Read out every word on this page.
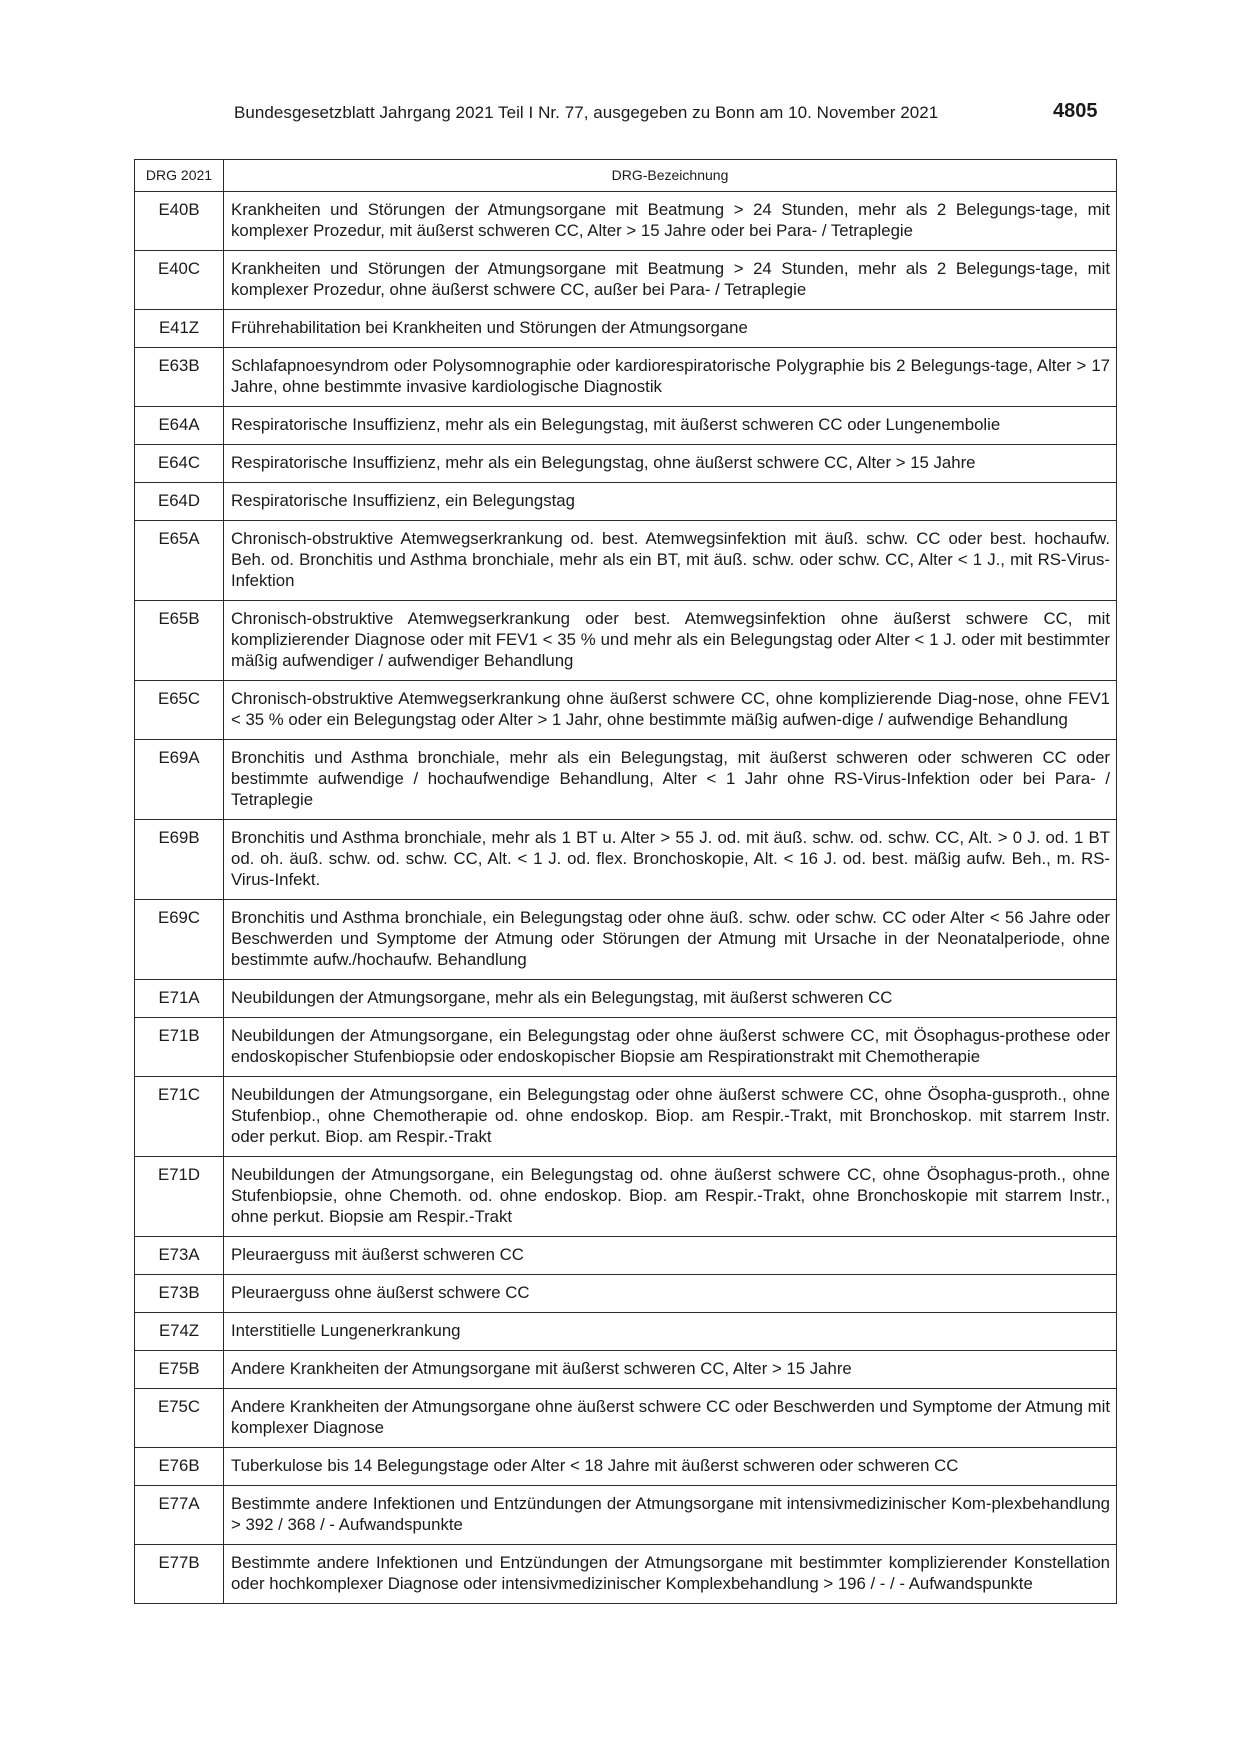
Bundesgesetzblatt Jahrgang 2021 Teil I Nr. 77, ausgegeben zu Bonn am 10. November 2021	4805
DRG 2021	DRG-Bezeichnung
E40B	Krankheiten und Störungen der Atmungsorgane mit Beatmung > 24 Stunden, mehr als 2 Belegungs-tage, mit komplexer Prozedur, mit äußerst schweren CC, Alter > 15 Jahre oder bei Para- / Tetraplegie
E40C	Krankheiten und Störungen der Atmungsorgane mit Beatmung > 24 Stunden, mehr als 2 Belegungs-tage, mit komplexer Prozedur, ohne äußerst schwere CC, außer bei Para- / Tetraplegie
E41Z	Frührehabilitation bei Krankheiten und Störungen der Atmungsorgane
E63B	Schlafapnoesyndrom oder Polysomnographie oder kardiorespiratorische Polygraphie bis 2 Belegungs-tage, Alter > 17 Jahre, ohne bestimmte invasive kardiologische Diagnostik
E64A	Respiratorische Insuffizienz, mehr als ein Belegungstag, mit äußerst schweren CC oder Lungenembolie
E64C	Respiratorische Insuffizienz, mehr als ein Belegungstag, ohne äußerst schwere CC, Alter > 15 Jahre
E64D	Respiratorische Insuffizienz, ein Belegungstag
E65A	Chronisch-obstruktive Atemwegserkrankung od. best. Atemwegsinfektion mit äuß. schw. CC oder best. hochaufw. Beh. od. Bronchitis und Asthma bronchiale, mehr als ein BT, mit äuß. schw. oder schw. CC, Alter < 1 J., mit RS-Virus-Infektion
E65B	Chronisch-obstruktive Atemwegserkrankung oder best. Atemwegsinfektion ohne äußerst schwere CC, mit komplizierender Diagnose oder mit FEV1 < 35 % und mehr als ein Belegungstag oder Alter < 1 J. oder mit bestimmter mäßig aufwendiger / aufwendiger Behandlung
E65C	Chronisch-obstruktive Atemwegserkrankung ohne äußerst schwere CC, ohne komplizierende Diag-nose, ohne FEV1 < 35 % oder ein Belegungstag oder Alter > 1 Jahr, ohne bestimmte mäßig aufwen-dige / aufwendige Behandlung
E69A	Bronchitis und Asthma bronchiale, mehr als ein Belegungstag, mit äußerst schweren oder schweren CC oder bestimmte aufwendige / hochaufwendige Behandlung, Alter < 1 Jahr ohne RS-Virus-Infektion oder bei Para- / Tetraplegie
E69B	Bronchitis und Asthma bronchiale, mehr als 1 BT u. Alter > 55 J. od. mit äuß. schw. od. schw. CC, Alt. > 0 J. od. 1 BT od. oh. äuß. schw. od. schw. CC, Alt. < 1 J. od. flex. Bronchoskopie, Alt. < 16 J. od. best. mäßig aufw. Beh., m. RS-Virus-Infekt.
E69C	Bronchitis und Asthma bronchiale, ein Belegungstag oder ohne äuß. schw. oder schw. CC oder Alter < 56 Jahre oder Beschwerden und Symptome der Atmung oder Störungen der Atmung mit Ursache in der Neonatalperiode, ohne bestimmte aufw./hochaufw. Behandlung
E71A	Neubildungen der Atmungsorgane, mehr als ein Belegungstag, mit äußerst schweren CC
E71B	Neubildungen der Atmungsorgane, ein Belegungstag oder ohne äußerst schwere CC, mit Ösophagus-prothese oder endoskopischer Stufenbiopsie oder endoskopischer Biopsie am Respirationstrakt mit Chemotherapie
E71C	Neubildungen der Atmungsorgane, ein Belegungstag oder ohne äußerst schwere CC, ohne Ösopha-gusproth., ohne Stufenbiop., ohne Chemotherapie od. ohne endoskop. Biop. am Respir.-Trakt, mit Bronchoskop. mit starrem Instr. oder perkut. Biop. am Respir.-Trakt
E71D	Neubildungen der Atmungsorgane, ein Belegungstag od. ohne äußerst schwere CC, ohne Ösophagus-proth., ohne Stufenbiopsie, ohne Chemoth. od. ohne endoskop. Biop. am Respir.-Trakt, ohne Bronchoskopie mit starrem Instr., ohne perkut. Biopsie am Respir.-Trakt
E73A	Pleuraerguss mit äußerst schweren CC
E73B	Pleuraerguss ohne äußerst schwere CC
E74Z	Interstitielle Lungenerkrankung
E75B	Andere Krankheiten der Atmungsorgane mit äußerst schweren CC, Alter > 15 Jahre
E75C	Andere Krankheiten der Atmungsorgane ohne äußerst schwere CC oder Beschwerden und Symptome der Atmung mit komplexer Diagnose
E76B	Tuberkulose bis 14 Belegungstage oder Alter < 18 Jahre mit äußerst schweren oder schweren CC
E77A	Bestimmte andere Infektionen und Entzündungen der Atmungsorgane mit intensivmedizinischer Kom-plexbehandlung > 392 / 368 / - Aufwandspunkte
E77B	Bestimmte andere Infektionen und Entzündungen der Atmungsorgane mit bestimmter komplizierender Konstellation oder hochkomplexer Diagnose oder intensivmedizinischer Komplexbehandlung > 196 / - / - Aufwandspunkte
